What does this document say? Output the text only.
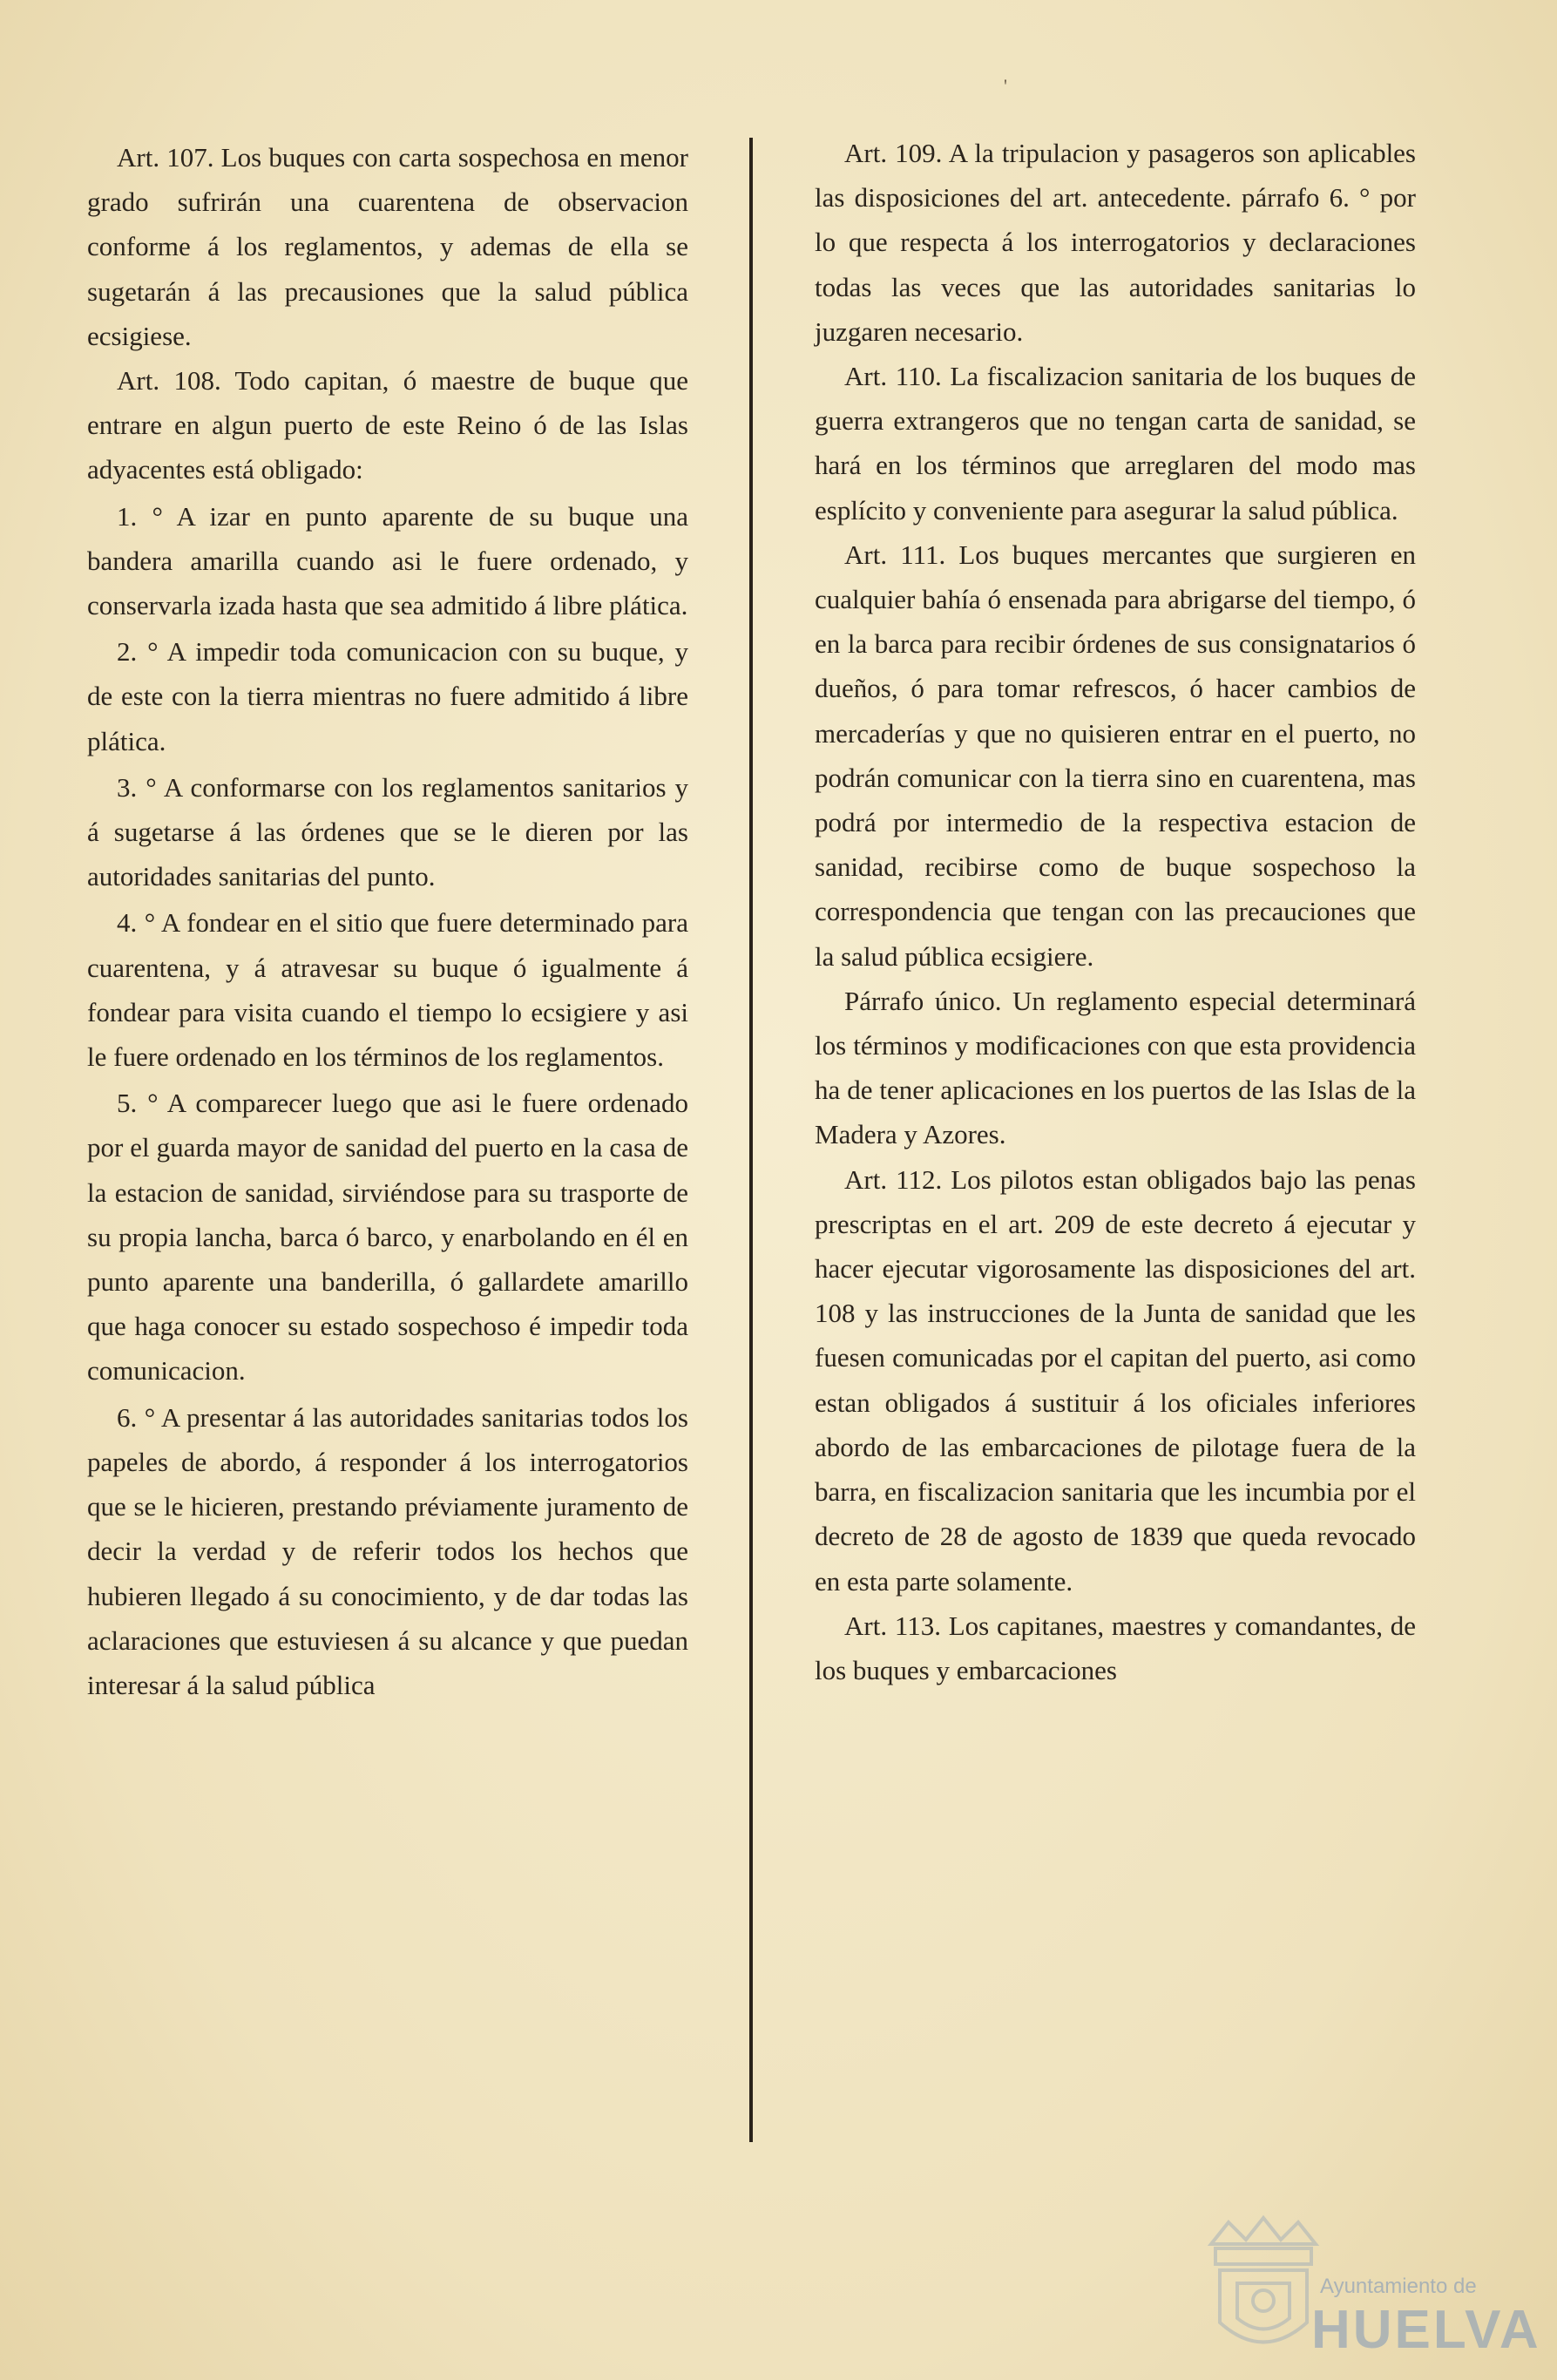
'

Art. 107. Los buques con carta sospechosa en menor grado sufrirán una cuarentena de observacion conforme á los reglamentos, y ademas de ella se sugetarán á las precausiones que la salud pública ecsigiese.

Art. 108. Todo capitan, ó maestre de buque que entrare en algun puerto de este Reino ó de las Islas adyacentes está obligado:

1. ° A izar en punto aparente de su buque una bandera amarilla cuando asi le fuere ordenado, y conservarla izada hasta que sea admitido á libre plática.

2. ° A impedir toda comunicacion con su buque, y de este con la tierra mientras no fuere admitido á libre plática.

3. ° A conformarse con los reglamentos sanitarios y á sugetarse á las órdenes que se le dieren por las autoridades sanitarias del punto.

4. ° A fondear en el sitio que fuere determinado para cuarentena, y á atravesar su buque ó igualmente á fondear para visita cuando el tiempo lo ecsigiere y asi le fuere ordenado en los términos de los reglamentos.

5. ° A comparecer luego que asi le fuere ordenado por el guarda mayor de sanidad del puerto en la casa de la estacion de sanidad, sirviéndose para su trasporte de su propia lancha, barca ó barco, y enarbolando en él en punto aparente una banderilla, ó gallardete amarillo que haga conocer su estado sospechoso é impedir toda comunicacion.

6. ° A presentar á las autoridades sanitarias todos los papeles de abordo, á responder á los interrogatorios que se le hicieren, prestando préviamente juramento de decir la verdad y de referir todos los hechos que hubieren llegado á su conocimiento, y de dar todas las aclaraciones que estuviesen á su alcance y que puedan interesar á la salud pública

Art. 109. A la tripulacion y pasageros son aplicables las disposiciones del art. antecedente. párrafo 6. ° por lo que respecta á los interrogatorios y declaraciones todas las veces que las autoridades sanitarias lo juzgaren necesario.

Art. 110. La fiscalizacion sanitaria de los buques de guerra extrangeros que no tengan carta de sanidad, se hará en los términos que arreglaren del modo mas esplícito y conveniente para asegurar la salud pública.

Art. 111. Los buques mercantes que surgieren en cualquier bahía ó ensenada para abrigarse del tiempo, ó en la barca para recibir órdenes de sus consignatarios ó dueños, ó para tomar refrescos, ó hacer cambios de mercaderías y que no quisieren entrar en el puerto, no podrán comunicar con la tierra sino en cuarentena, mas podrá por intermedio de la respectiva estacion de sanidad, recibirse como de buque sospechoso la correspondencia que tengan con las precauciones que la salud pública ecsigiere.

Párrafo único. Un reglamento especial determinará los términos y modificaciones con que esta providencia ha de tener aplicaciones en los puertos de las Islas de la Madera y Azores.

Art. 112. Los pilotos estan obligados bajo las penas prescriptas en el art. 209 de este decreto á ejecutar y hacer ejecutar vigorosamente las disposiciones del art. 108 y las instrucciones de la Junta de sanidad que les fuesen comunicadas por el capitan del puerto, asi como estan obligados á sustituir á los oficiales inferiores abordo de las embarcaciones de pilotage fuera de la barra, en fiscalizacion sanitaria que les incumbia por el decreto de 28 de agosto de 1839 que queda revocado en esta parte solamente.

Art. 113. Los capitanes, maestres y comandantes, de los buques y embarcaciones

Ayuntamiento de
HUELVA
